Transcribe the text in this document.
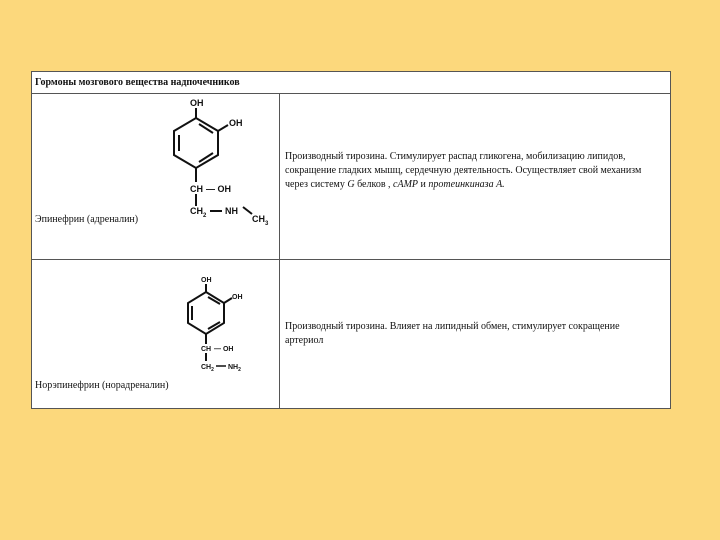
Гормоны мозгового вещества надпочечников
OH
OH
CH — OH
$CH_2$ NH
$CH_3$
Эпинефрин (адреналин)
Производный тирозина. Стимулирует распад гликогена, мобилизацию липидов, сокращение гладких мышц, сердечную деятельность. Осуществляет свой механизм через систему G белков , cAMP и протеинкиназа А.
OH
OH
CH — OH
$CH_2$ $NH_2$
Норэпинефрин (норадреналин)
Производный тирозина. Влияет на липидный обмен, стимулирует сокращение артериол
